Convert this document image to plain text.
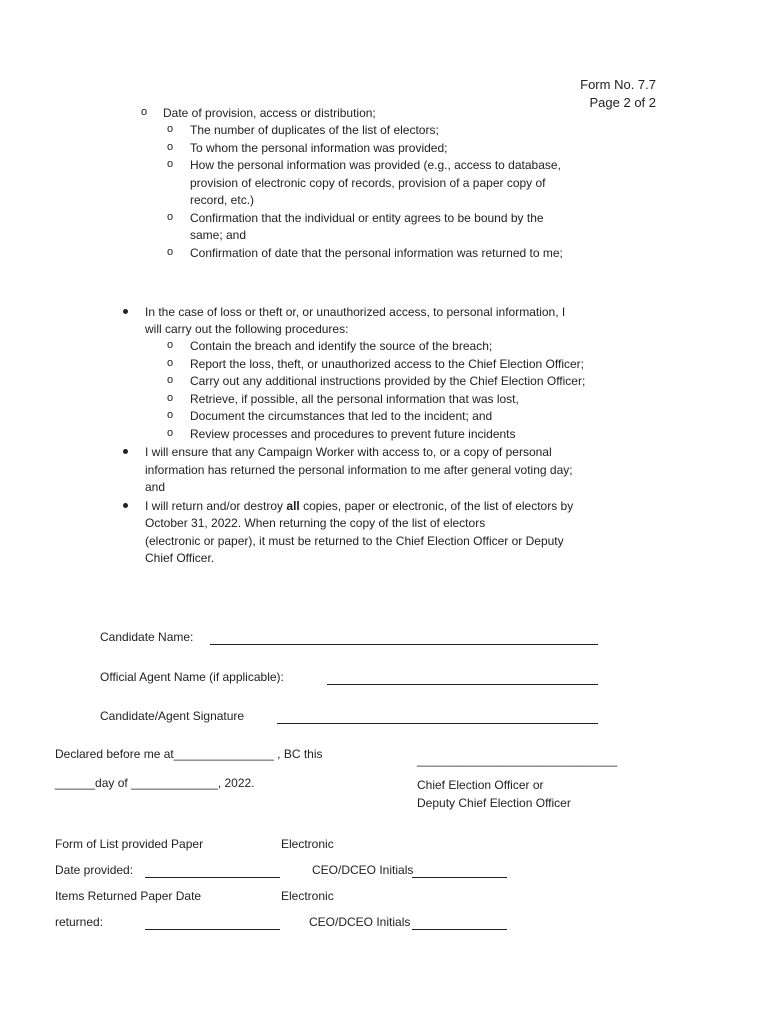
Form No. 7.7
Page 2 of 2
o Date of provision, access or distribution;
o The number of duplicates of the list of electors;
o To whom the personal information was provided;
o How the personal information was provided (e.g., access to database,
provision of electronic copy of records, provision of a paper copy of
record, etc.)
o Confirmation that the individual or entity agrees to be bound by the
same; and
o Confirmation of date that the personal information was returned to me;
In the case of loss or theft or, or unauthorized access, to personal information, I
will carry out the following procedures:
o Contain the breach and identify the source of the breach;
o Report the loss, theft, or unauthorized access to the Chief Election Officer;
o Carry out any additional instructions provided by the Chief Election Officer;
o Retrieve, if possible, all the personal information that was lost,
o Document the circumstances that led to the incident; and
o Review processes and procedures to prevent future incidents
I will ensure that any Campaign Worker with access to, or a copy of personal
information has returned the personal information to me after general voting day;
and
I will return and/or destroy all copies, paper or electronic, of the list of electors by
October 31, 2022. When returning the copy of the list of electors
(electronic or paper), it must be returned to the Chief Election Officer or Deputy
Chief Officer.
Candidate Name:
Official Agent Name (if applicable):
Candidate/Agent Signature
Declared before me at_______________ , BC this	______________________________
______day of _____________, 2022.	Chief Election Officer or
Deputy Chief Election Officer
Form of List provided Paper	Electronic
Date provided:	CEO/DCEO Initials
Items Returned Paper Date	Electronic
returned:	CEO/DCEO Initials
